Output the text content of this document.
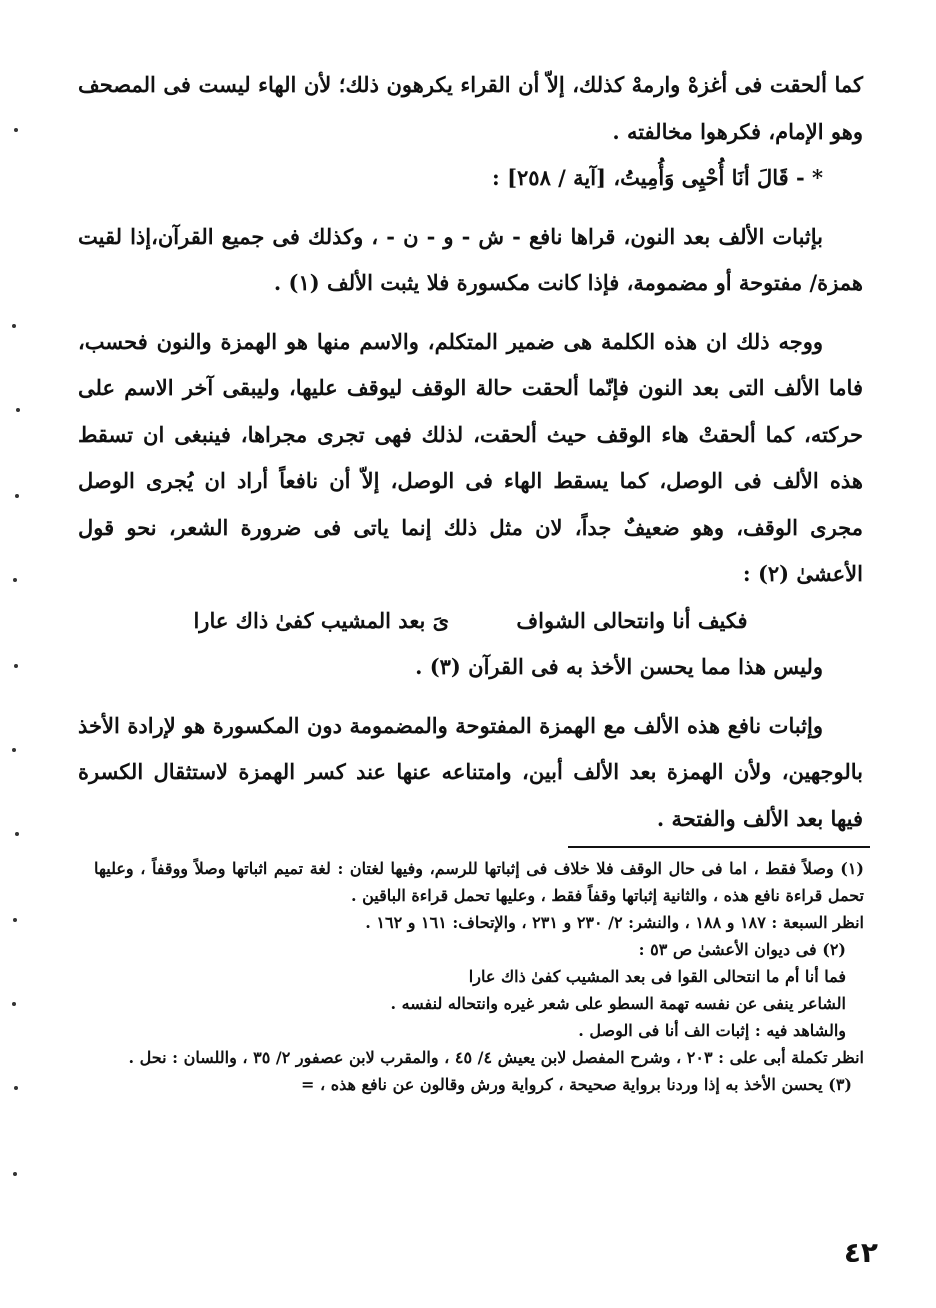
كما ألحقت فى أغزهْ وارمهْ كذلك، إلاّ أن القراء يكرهون ذلك؛ لأن الهاء ليست فى المصحف وهو الإمام، فكرهوا مخالفته .

* - قَالَ أنَا أُحْيِى وَأُمِيتُ، [آية / ٢٥٨] :

بإثبات الألف بعد النون، قراها نافع - ش - و - ن - ، وكذلك فى جميع القرآن،إذا لقيت همزة/ مفتوحة أو مضمومة، فإذا كانت مكسورة فلا يثبت الألف (١) .

ووجه ذلك ان هذه الكلمة هى ضمير المتكلم، والاسم منها هو الهمزة والنون فحسب، فاما الألف التى بعد النون فإنّما ألحقت حالة الوقف ليوقف عليها، وليبقى آخر الاسم على حركته، كما ألحقتْ هاء الوقف حيث ألحقت، لذلك فهى تجرى مجراها، فينبغى ان تسقط هذه الألف فى الوصل، كما يسقط الهاء فى الوصل، إلاّ أن نافعاً أراد ان يُجرى الوصل مجرى الوقف، وهو ضعيفٌ جداً، لان مثل ذلك إنما ياتى فى ضرورة الشعر، نحو قول الأعشىٰ (٢) :

فكيف أنا وانتحالى الشواف ىَ بعد المشيب كفىٰ ذاك عارا

وليس هذا مما يحسن الأخذ به فى القرآن (٣) .

وإثبات نافع هذه الألف مع الهمزة المفتوحة والمضمومة دون المكسورة هو لإرادة الأخذ بالوجهين، ولأن الهمزة بعد الألف أبين، وامتناعه عنها عند كسر الهمزة لاستثقال الكسرة فيها بعد الألف والفتحة .

(١) وصلاً فقط ، اما فى حال الوقف فلا خلاف فى إثباتها للرسم، وفيها لغتان : لغة تميم اثباتها وصلاً ووقفاً ، وعليها تحمل قراءة نافع هذه ، والثانية إثباتها وقفاً فقط ، وعليها تحمل قراءة الباقين .

انظر السبعة : ١٨٧ و ١٨٨ ، والنشر: ٢/ ٢٣٠ و ٢٣١ ، والإتحاف: ١٦١ و ١٦٢ .

(٢) فى ديوان الأعشىٰ ص ٥٣ :

فما أنا أم ما انتحالى القوا فى بعد المشيب كفىٰ ذاك عارا

الشاعر ينفى عن نفسه تهمة السطو على شعر غيره وانتحاله لنفسه .

والشاهد فيه : إثبات الف أنا فى الوصل .

انظر تكملة أبى على : ٢٠٣ ، وشرح المفصل لابن يعيش ٤/ ٤٥ ، والمقرب لابن عصفور ٢/ ٣٥ ، واللسان : نحل .

(٣) يحسن الأخذ به إذا وردنا برواية صحيحة ، كرواية ورش وقالون عن نافع هذه ، =

٤٢
